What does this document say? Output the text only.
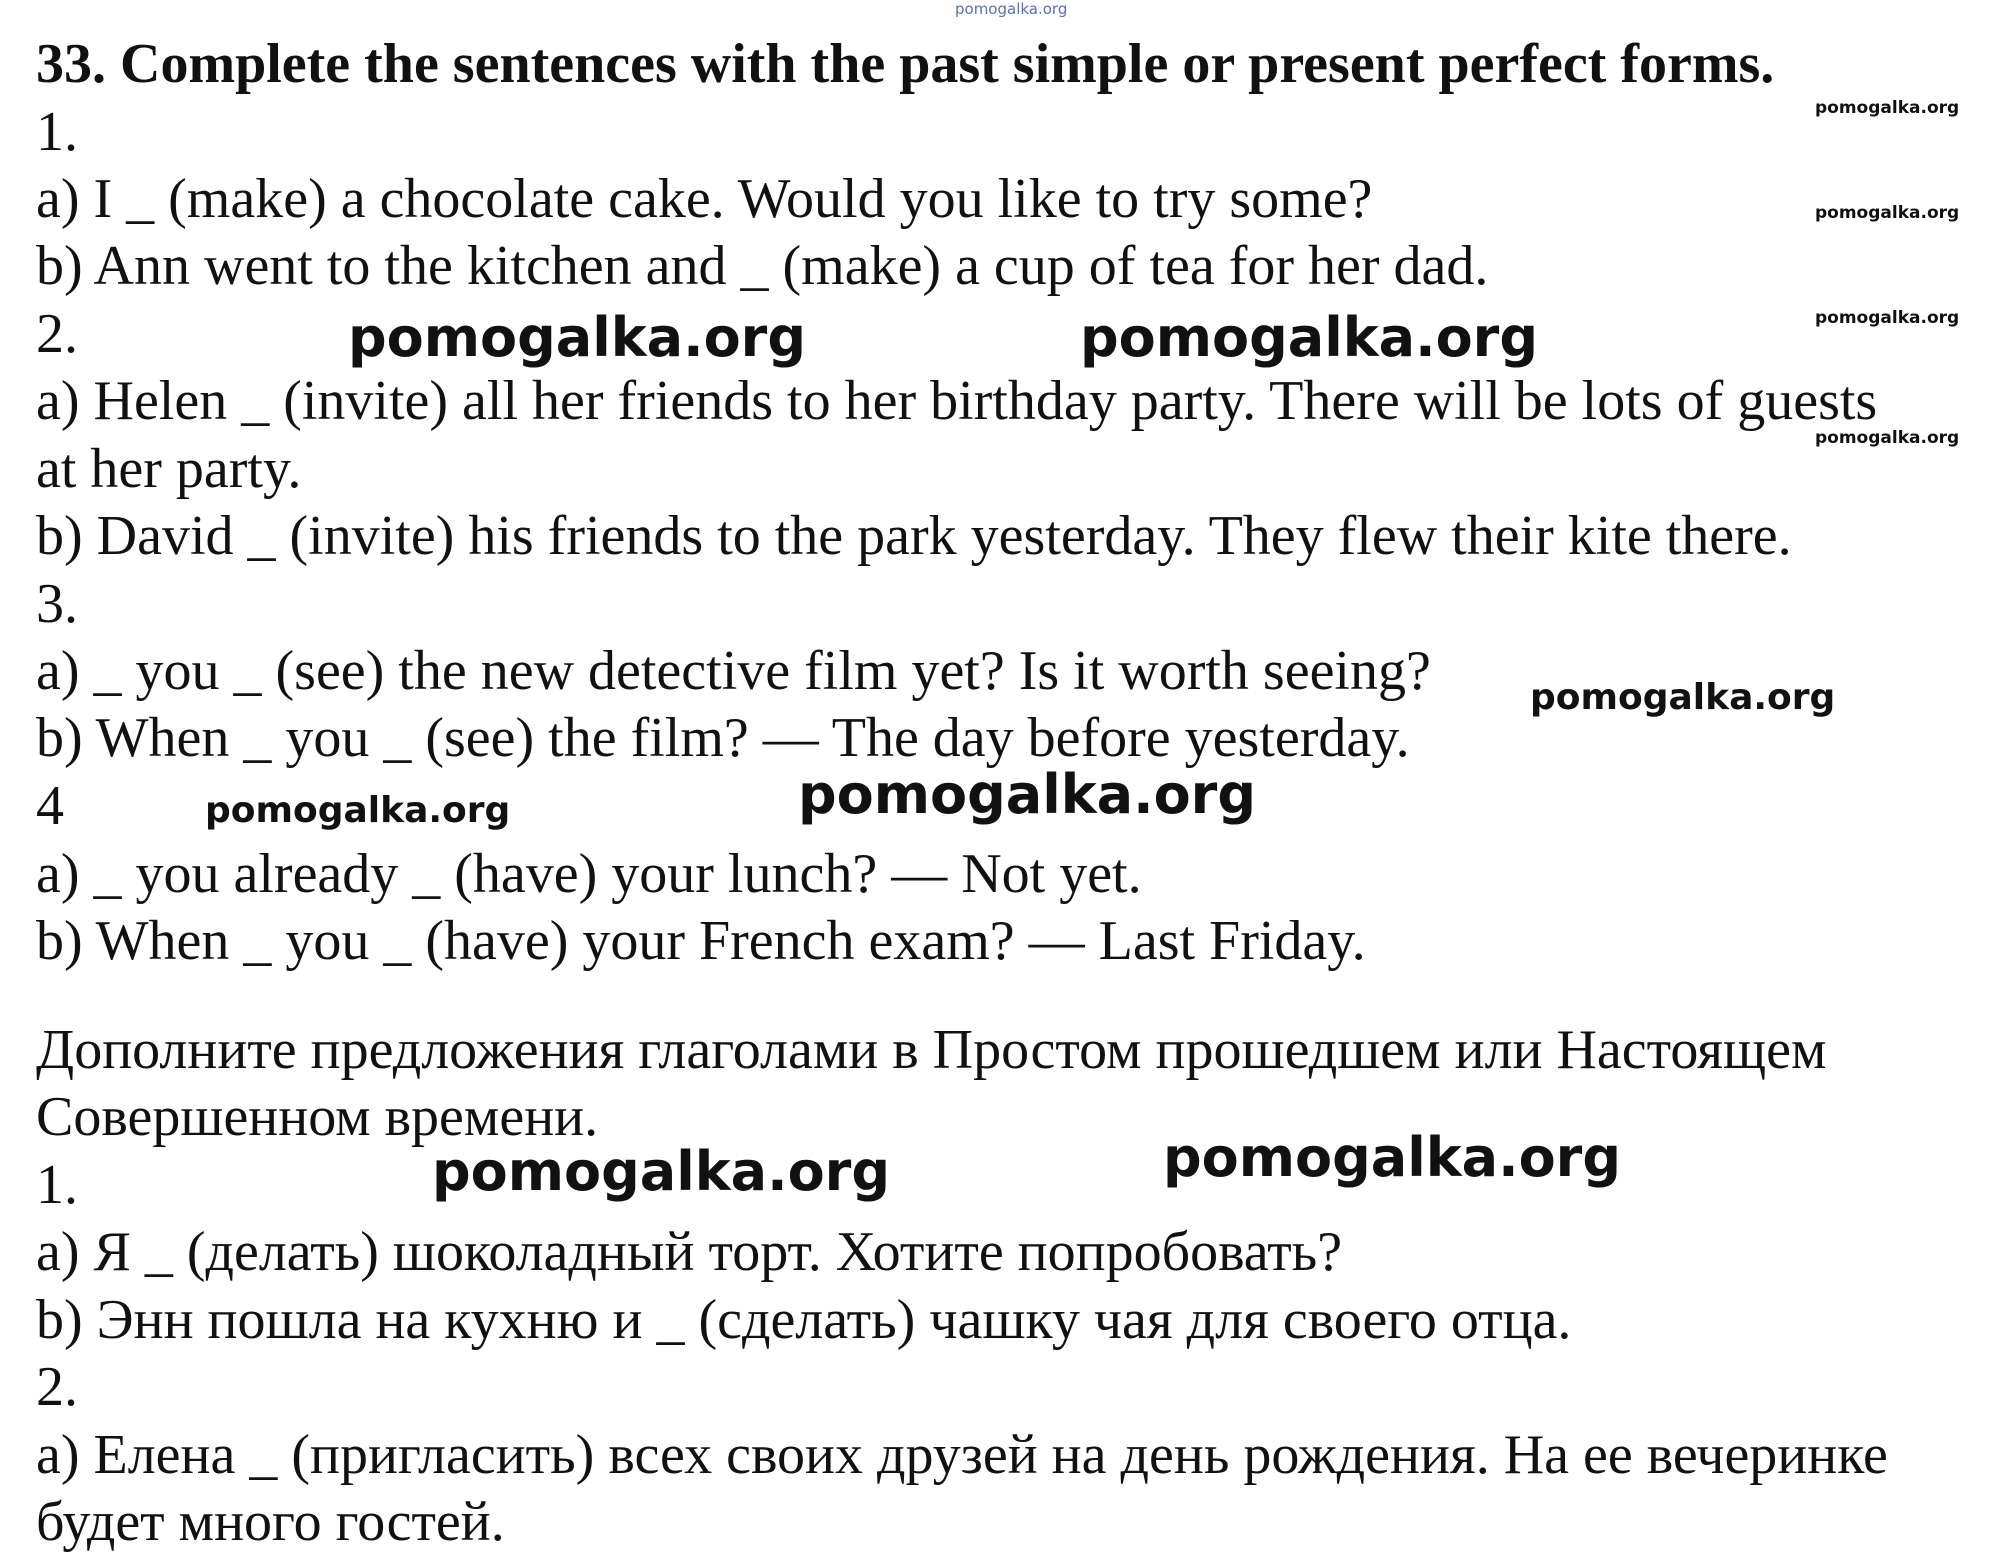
33. Complete the sentences with the past simple or present perfect forms.
1.
a) I _ (make) a chocolate cake. Would you like to try some?
b) Ann went to the kitchen and _ (make) a cup of tea for her dad.
2.
a) Helen _ (invite) all her friends to her birthday party. There will be lots of guests
at her party.
b) David _ (invite) his friends to the park yesterday. They flew their kite there.
3.
a) _ you _ (see) the new detective film yet? Is it worth seeing?
b) When _ you _ (see) the film? — The day before yesterday.
4
a) _ you already _ (have) your lunch? — Not yet.
b) When _ you _ (have) your French exam? — Last Friday.
Дополните предложения глаголами в Простом прошедшем или Настоящем
Совершенном времени.
1.
a) Я _ (делать) шоколадный торт. Хотите попробовать?
b) Энн пошла на кухню и _ (сделать) чашку чая для своего отца.
2.
a) Елена _ (пригласить) всех своих друзей на день рождения. На ее вечеринке
будет много гостей.
pomogalka.org
pomogalka.org
pomogalka.org
pomogalka.org
pomogalka.org
pomogalka.org	pomogalka.org
pomogalka.org
pomogalka.org
pomogalka.org
pomogalka.org	pomogalka.org
